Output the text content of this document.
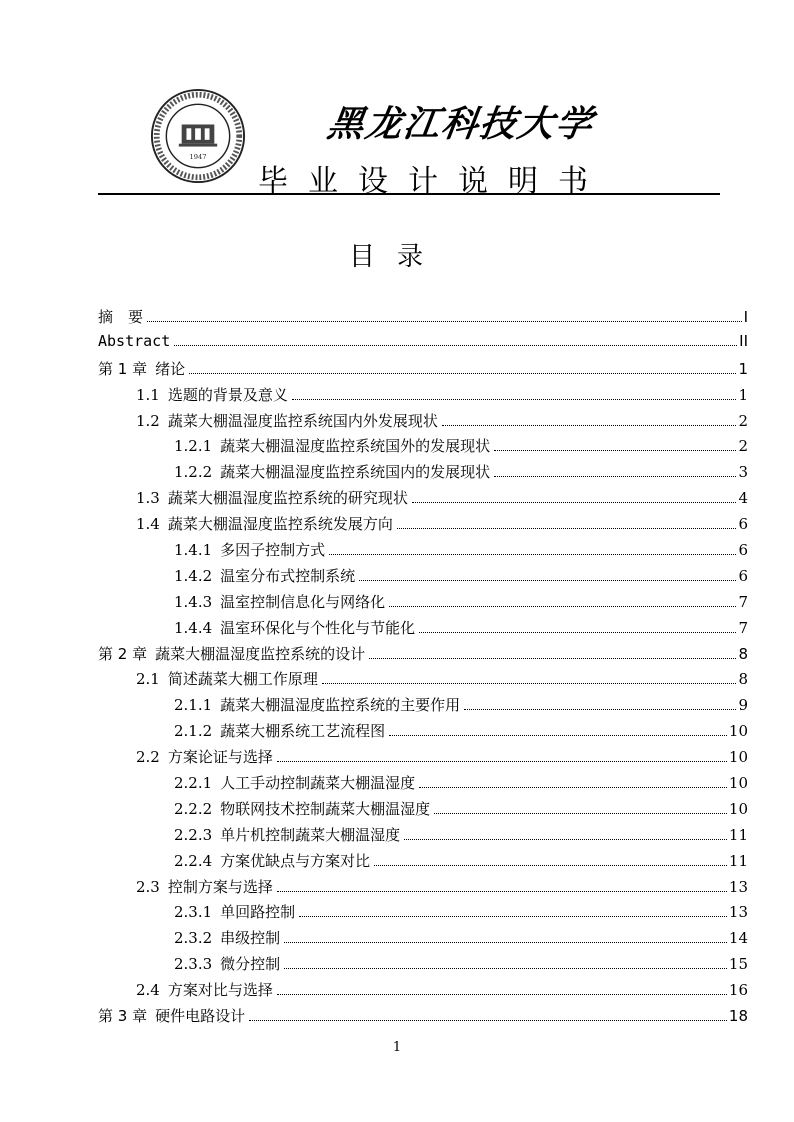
1947
黑龙江科技大学
毕业设计说明书
目录
摘　要	I
Abstract	II
第 1 章 绪论	1
1.1 选题的背景及意义	1
1.2 蔬菜大棚温湿度监控系统国内外发展现状	2
1.2.1 蔬菜大棚温湿度监控系统国外的发展现状	2
1.2.2 蔬菜大棚温湿度监控系统国内的发展现状	3
1.3 蔬菜大棚温湿度监控系统的研究现状	4
1.4 蔬菜大棚温湿度监控系统发展方向	6
1.4.1 多因子控制方式	6
1.4.2 温室分布式控制系统	6
1.4.3 温室控制信息化与网络化	7
1.4.4 温室环保化与个性化与节能化	7
第 2 章 蔬菜大棚温湿度监控系统的设计	8
2.1 简述蔬菜大棚工作原理	8
2.1.1 蔬菜大棚温湿度监控系统的主要作用	9
2.1.2 蔬菜大棚系统工艺流程图	10
2.2 方案论证与选择	10
2.2.1 人工手动控制蔬菜大棚温湿度	10
2.2.2 物联网技术控制蔬菜大棚温湿度	10
2.2.3 单片机控制蔬菜大棚温湿度	11
2.2.4 方案优缺点与方案对比	11
2.3 控制方案与选择	13
2.3.1 单回路控制	13
2.3.2 串级控制	14
2.3.3 微分控制	15
2.4 方案对比与选择	16
第 3 章 硬件电路设计	18
1
